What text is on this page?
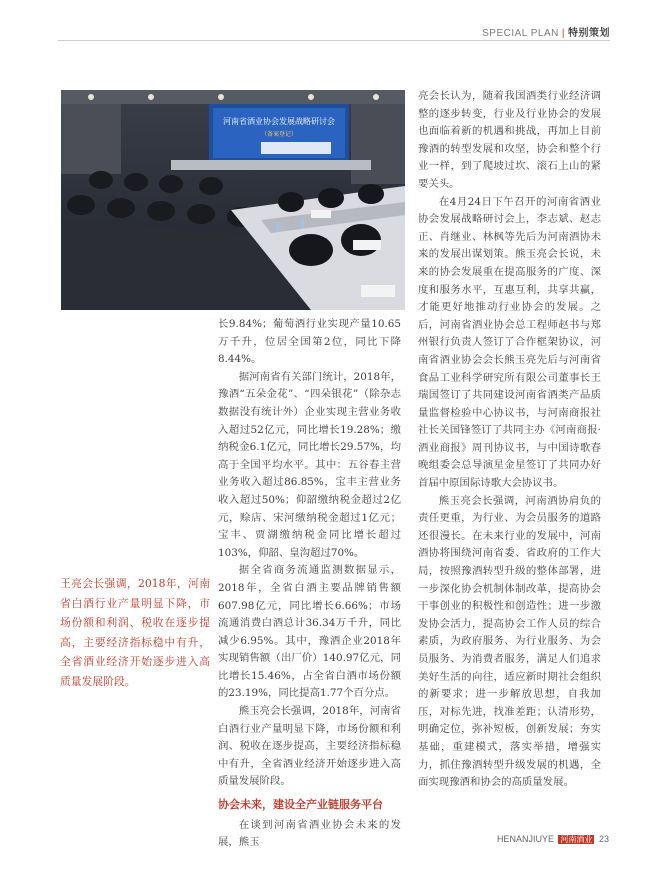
SPECIAL PLAN | 特别策划
河南省酒业协会发展战略研讨会
（备案登记）
王亮会长强调，2018年，河南省白酒行业产量明显下降，市场份额和利润、税收在逐步提高，主要经济指标稳中有升，全省酒业经济开始逐步进入高质量发展阶段。

长9.84%；葡萄酒行业实现产量10.65万千升，位居全国第2位，同比下降8.44%。

据河南省有关部门统计，2018年，豫酒“五朵金花”、“四朵银花”（除杂志数据没有统计外）企业实现主营业务收入超过52亿元，同比增长19.28%；缴纳税金6.1亿元，同比增长29.57%，均高于全国平均水平。其中：五谷春主营业务收入超过86.85%，宝丰主营业务收入超过50%；仰韶缴纳税金超过2亿元，赊店、宋河缴纳税金超过1亿元；宝丰、贾湖缴纳税金同比增长超过103%，仰韶、皇沟超过70%。

据全省商务流通监测数据显示，2018年，全省白酒主要品牌销售额607.98亿元，同比增长6.66%；市场流通消费白酒总计36.34万千升，同比减少6.95%。其中，豫酒企业2018年实现销售额（出厂价）140.97亿元，同比增长15.46%，占全省白酒市场份额的23.19%，同比提高1.77个百分点。

熊玉亮会长强调，2018年，河南省白酒行业产量明显下降，市场份额和利润、税收在逐步提高，主要经济指标稳中有升，全省酒业经济开始逐步进入高质量发展阶段。

协会未来，建设全产业链服务平台

在谈到河南省酒业协会未来的发展，熊玉

亮会长认为，随着我国酒类行业经济调整的逐步转变，行业及行业协会的发展也面临着新的机遇和挑战，再加上目前豫酒的转型发展和攻坚，协会和整个行业一样，到了爬坡过坎、滚石上山的紧要关头。

在4月24日下午召开的河南省酒业协会发展战略研讨会上，李志斌、赵志正、肖继业、林枫等先后为河南酒协未来的发展出谋划策。熊玉亮会长说，未来的协会发展重在提高服务的广度、深度和服务水平，互惠互利，共享共赢，才能更好地推动行业协会的发展。之后，河南省酒业协会总工程师赵书与郑州银行负责人签订了合作框架协议，河南省酒业协会会长熊玉亮先后与河南省食品工业科学研究所有限公司董事长王瑞国签订了共同建设河南省酒类产品质量监督检验中心协议书，与河南商报社社长关国锋签订了共同主办《河南商报·酒业商报》周刊协议书，与中国诗歌春晚组委会总导演星金星签订了共同办好首届中原国际诗歌大会协议书。

熊玉亮会长强调，河南酒协肩负的责任更重，为行业、为会员服务的道路还很漫长。在未来行业的发展中，河南酒协将围绕河南省委、省政府的工作大局，按照豫酒转型升级的整体部署，进一步深化协会机制体制改革，提高协会干事创业的积极性和创造性；进一步激发协会活力，提高协会工作人员的综合素质，为政府服务、为行业服务、为会员服务、为消费者服务，满足人们追求美好生活的向往，适应新时期社会组织的新要求；进一步解放思想，自我加压，对标先进，找准差距；认清形势，明确定位，弥补短板，创新发展；夯实基础，重建模式，落实举措，增强实力，抓住豫酒转型升级发展的机遇，全面实现豫酒和协会的高质量发展。

HENANJIUYE 河南酒业 23
